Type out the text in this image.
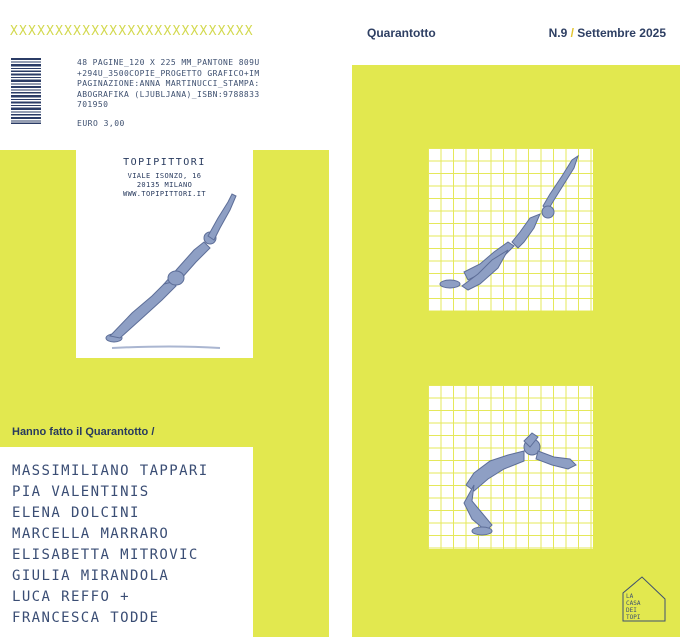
XXXXXXXXXXXXXXXXXXXXXXXXXXX
48 PAGINE_120 X 225 MM_PANTONE 809U+294U_3500COPIE_PROGETTO GRAFICO+IMPAGINAZIONE:ANNA MARTINUCCI_STAMPA:ABOGRAFIKA (LJUBLJANA)_ISBN:9788833701950
EURO 3,00
TOPIPITTORI
VIALE ISONZO, 16
20135 MILANO
WWW.TOPIPITTORI.IT
Hanno fatto il Quarantotto /
MASSIMILIANO TAPPARI
PIA VALENTINIS
ELENA DOLCINI
MARCELLA MARRARO
ELISABETTA MITROVIC
GIULIA MIRANDOLA
LUCA REFFO +
FRANCESCA TODDE
Quarantotto	N.9 / Settembre 2025
LA
CASA
DEI
TOPI
